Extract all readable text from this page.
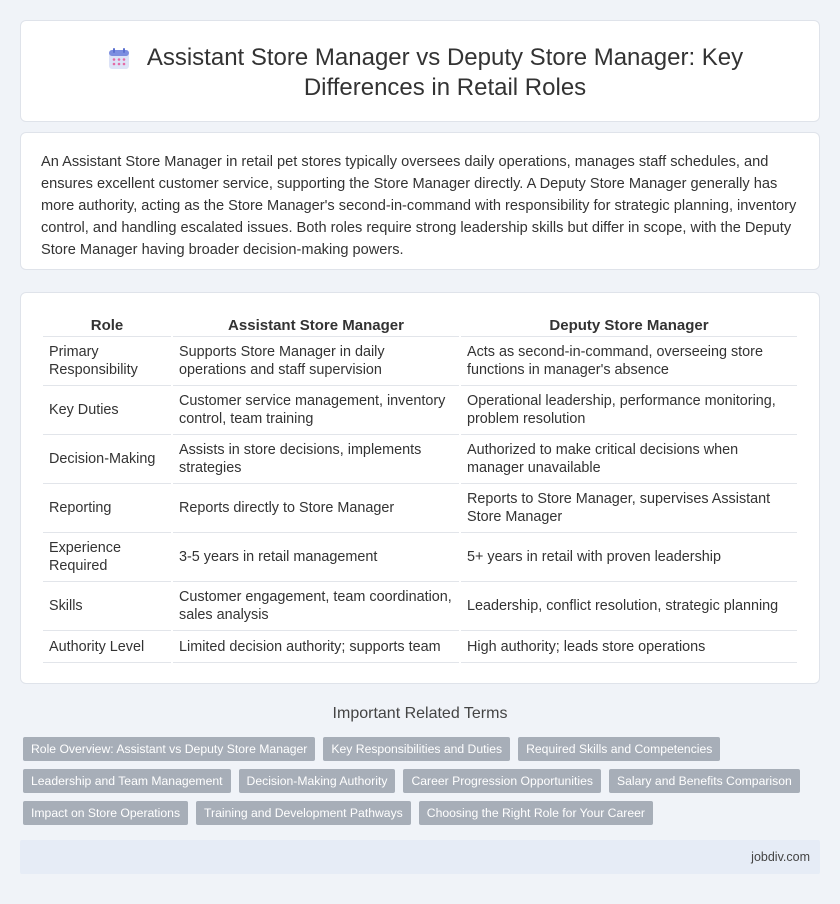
Assistant Store Manager vs Deputy Store Manager: Key Differences in Retail Roles

An Assistant Store Manager in retail pet stores typically oversees daily operations, manages staff schedules, and ensures excellent customer service, supporting the Store Manager directly. A Deputy Store Manager generally has more authority, acting as the Store Manager's second-in-command with responsibility for strategic planning, inventory control, and handling escalated issues. Both roles require strong leadership skills but differ in scope, with the Deputy Store Manager having broader decision-making powers.

Role	Assistant Store Manager	Deputy Store Manager
Primary Responsibility	Supports Store Manager in daily operations and staff supervision	Acts as second-in-command, overseeing store functions in manager's absence
Key Duties	Customer service management, inventory control, team training	Operational leadership, performance monitoring, problem resolution
Decision-Making	Assists in store decisions, implements strategies	Authorized to make critical decisions when manager unavailable
Reporting	Reports directly to Store Manager	Reports to Store Manager, supervises Assistant Store Manager
Experience Required	3-5 years in retail management	5+ years in retail with proven leadership
Skills	Customer engagement, team coordination, sales analysis	Leadership, conflict resolution, strategic planning
Authority Level	Limited decision authority; supports team	High authority; leads store operations
Important Related Terms
Role Overview: Assistant vs Deputy Store Manager	Key Responsibilities and Duties	Required Skills and Competencies
Leadership and Team Management	Decision-Making Authority	Career Progression Opportunities	Salary and Benefits Comparison
Impact on Store Operations	Training and Development Pathways	Choosing the Right Role for Your Career
jobdiv.com
